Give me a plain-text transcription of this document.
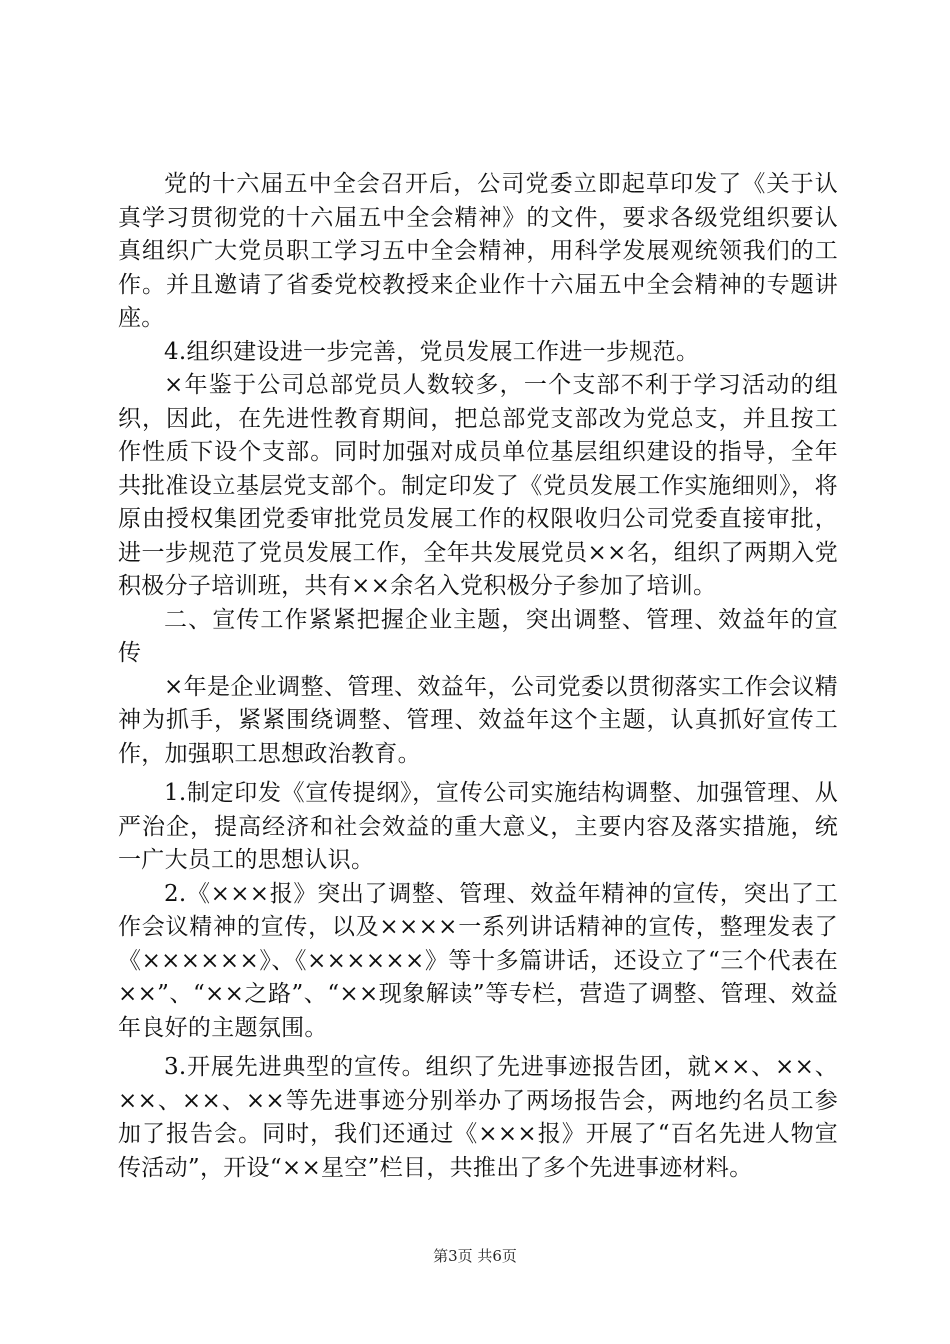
党的十六届五中全会召开后，公司党委立即起草印发了《关于认真学习贯彻党的十六届五中全会精神》的文件，要求各级党组织要认真组织广大党员职工学习五中全会精神，用科学发展观统领我们的工作。并且邀请了省委党校教授来企业作十六届五中全会精神的专题讲座。

4.组织建设进一步完善，党员发展工作进一步规范。

×年鉴于公司总部党员人数较多，一个支部不利于学习活动的组织，因此，在先进性教育期间，把总部党支部改为党总支，并且按工作性质下设个支部。同时加强对成员单位基层组织建设的指导，全年共批准设立基层党支部个。制定印发了《党员发展工作实施细则》，将原由授权集团党委审批党员发展工作的权限收归公司党委直接审批，进一步规范了党员发展工作，全年共发展党员××名，组织了两期入党积极分子培训班，共有××余名入党积极分子参加了培训。

二、宣传工作紧紧把握企业主题，突出调整、管理、效益年的宣传

×年是企业调整、管理、效益年，公司党委以贯彻落实工作会议精神为抓手，紧紧围绕调整、管理、效益年这个主题，认真抓好宣传工作，加强职工思想政治教育。

1.制定印发《宣传提纲》，宣传公司实施结构调整、加强管理、从严治企，提高经济和社会效益的重大意义，主要内容及落实措施，统一广大员工的思想认识。

2.《×××报》突出了调整、管理、效益年精神的宣传，突出了工作会议精神的宣传，以及××××一系列讲话精神的宣传，整理发表了《××××××》、《××××××》等十多篇讲话，还设立了“三个代表在××”、“××之路”、“××现象解读”等专栏，营造了调整、管理、效益年良好的主题氛围。

3.开展先进典型的宣传。组织了先进事迹报告团，就××、××、××、××、××等先进事迹分别举办了两场报告会，两地约名员工参加了报告会。同时，我们还通过《×××报》开展了“百名先进人物宣传活动”，开设“××星空”栏目，共推出了多个先进事迹材料。

第3页 共6页
